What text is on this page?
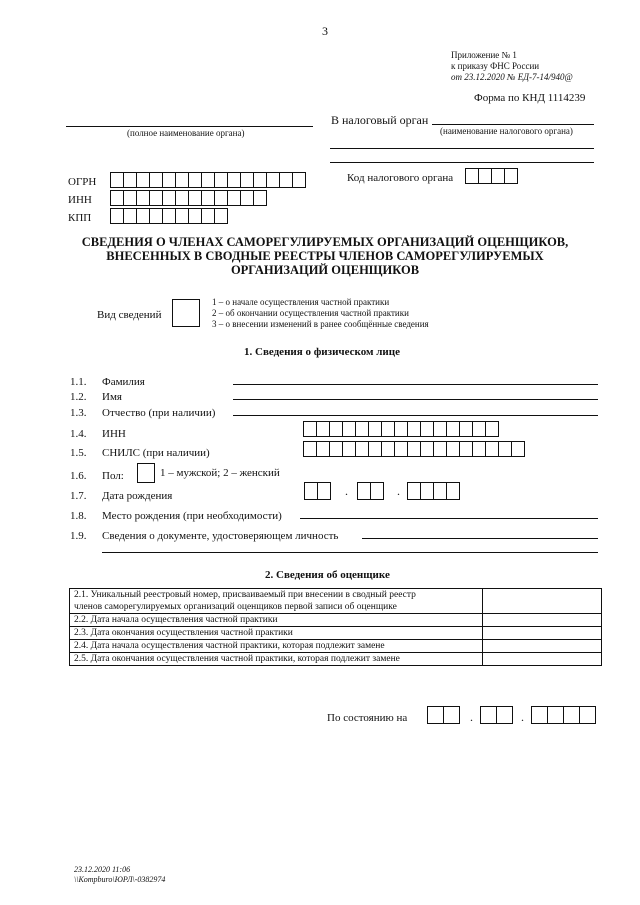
3
Приложение № 1
к приказу ФНС России
от 23.12.2020 № ЕД-7-14/940@
Форма по КНД 1114239
(полное наименование органа)
В налоговый орган
(наименование налогового органа)
ОГРН
ИНН
КПП
Код налогового органа
СВЕДЕНИЯ О ЧЛЕНАХ САМОРЕГУЛИРУЕМЫХ ОРГАНИЗАЦИЙ ОЦЕНЩИКОВ,
ВНЕСЕННЫХ В СВОДНЫЕ РЕЕСТРЫ ЧЛЕНОВ САМОРЕГУЛИРУЕМЫХ
ОРГАНИЗАЦИЙ ОЦЕНЩИКОВ
Вид сведений
1 – о начале осуществления частной практики
2 – об окончании осуществления частной практики
3 – о внесении изменений в ранее сообщённые сведения
1. Сведения о физическом лице
1.1. Фамилия
1.2. Имя
1.3. Отчество (при наличии)
1.4. ИНН
1.5. СНИЛС (при наличии)
1.6. Пол:	1 – мужской; 2 – женский
1.7. Дата рождения	.	.
1.8. Место рождения (при необходимости)
1.9. Сведения о документе, удостоверяющем личность
2. Сведения об оценщике
2.1. Уникальный реестровый номер, присваиваемый при внесении в сводный реестр
членов саморегулируемых организаций оценщиков первой записи об оценщике	

2.2. Дата начала осуществления частной практики	
2.3. Дата окончания осуществления частной практики	
2.4. Дата начала осуществления частной практики, которая подлежит замене	
2.5. Дата окончания осуществления частной практики, которая подлежит замене	
По состоянию на	.	.
23.12.2020 11:06
\\Kompburo\ЮРЛ\-0382974
